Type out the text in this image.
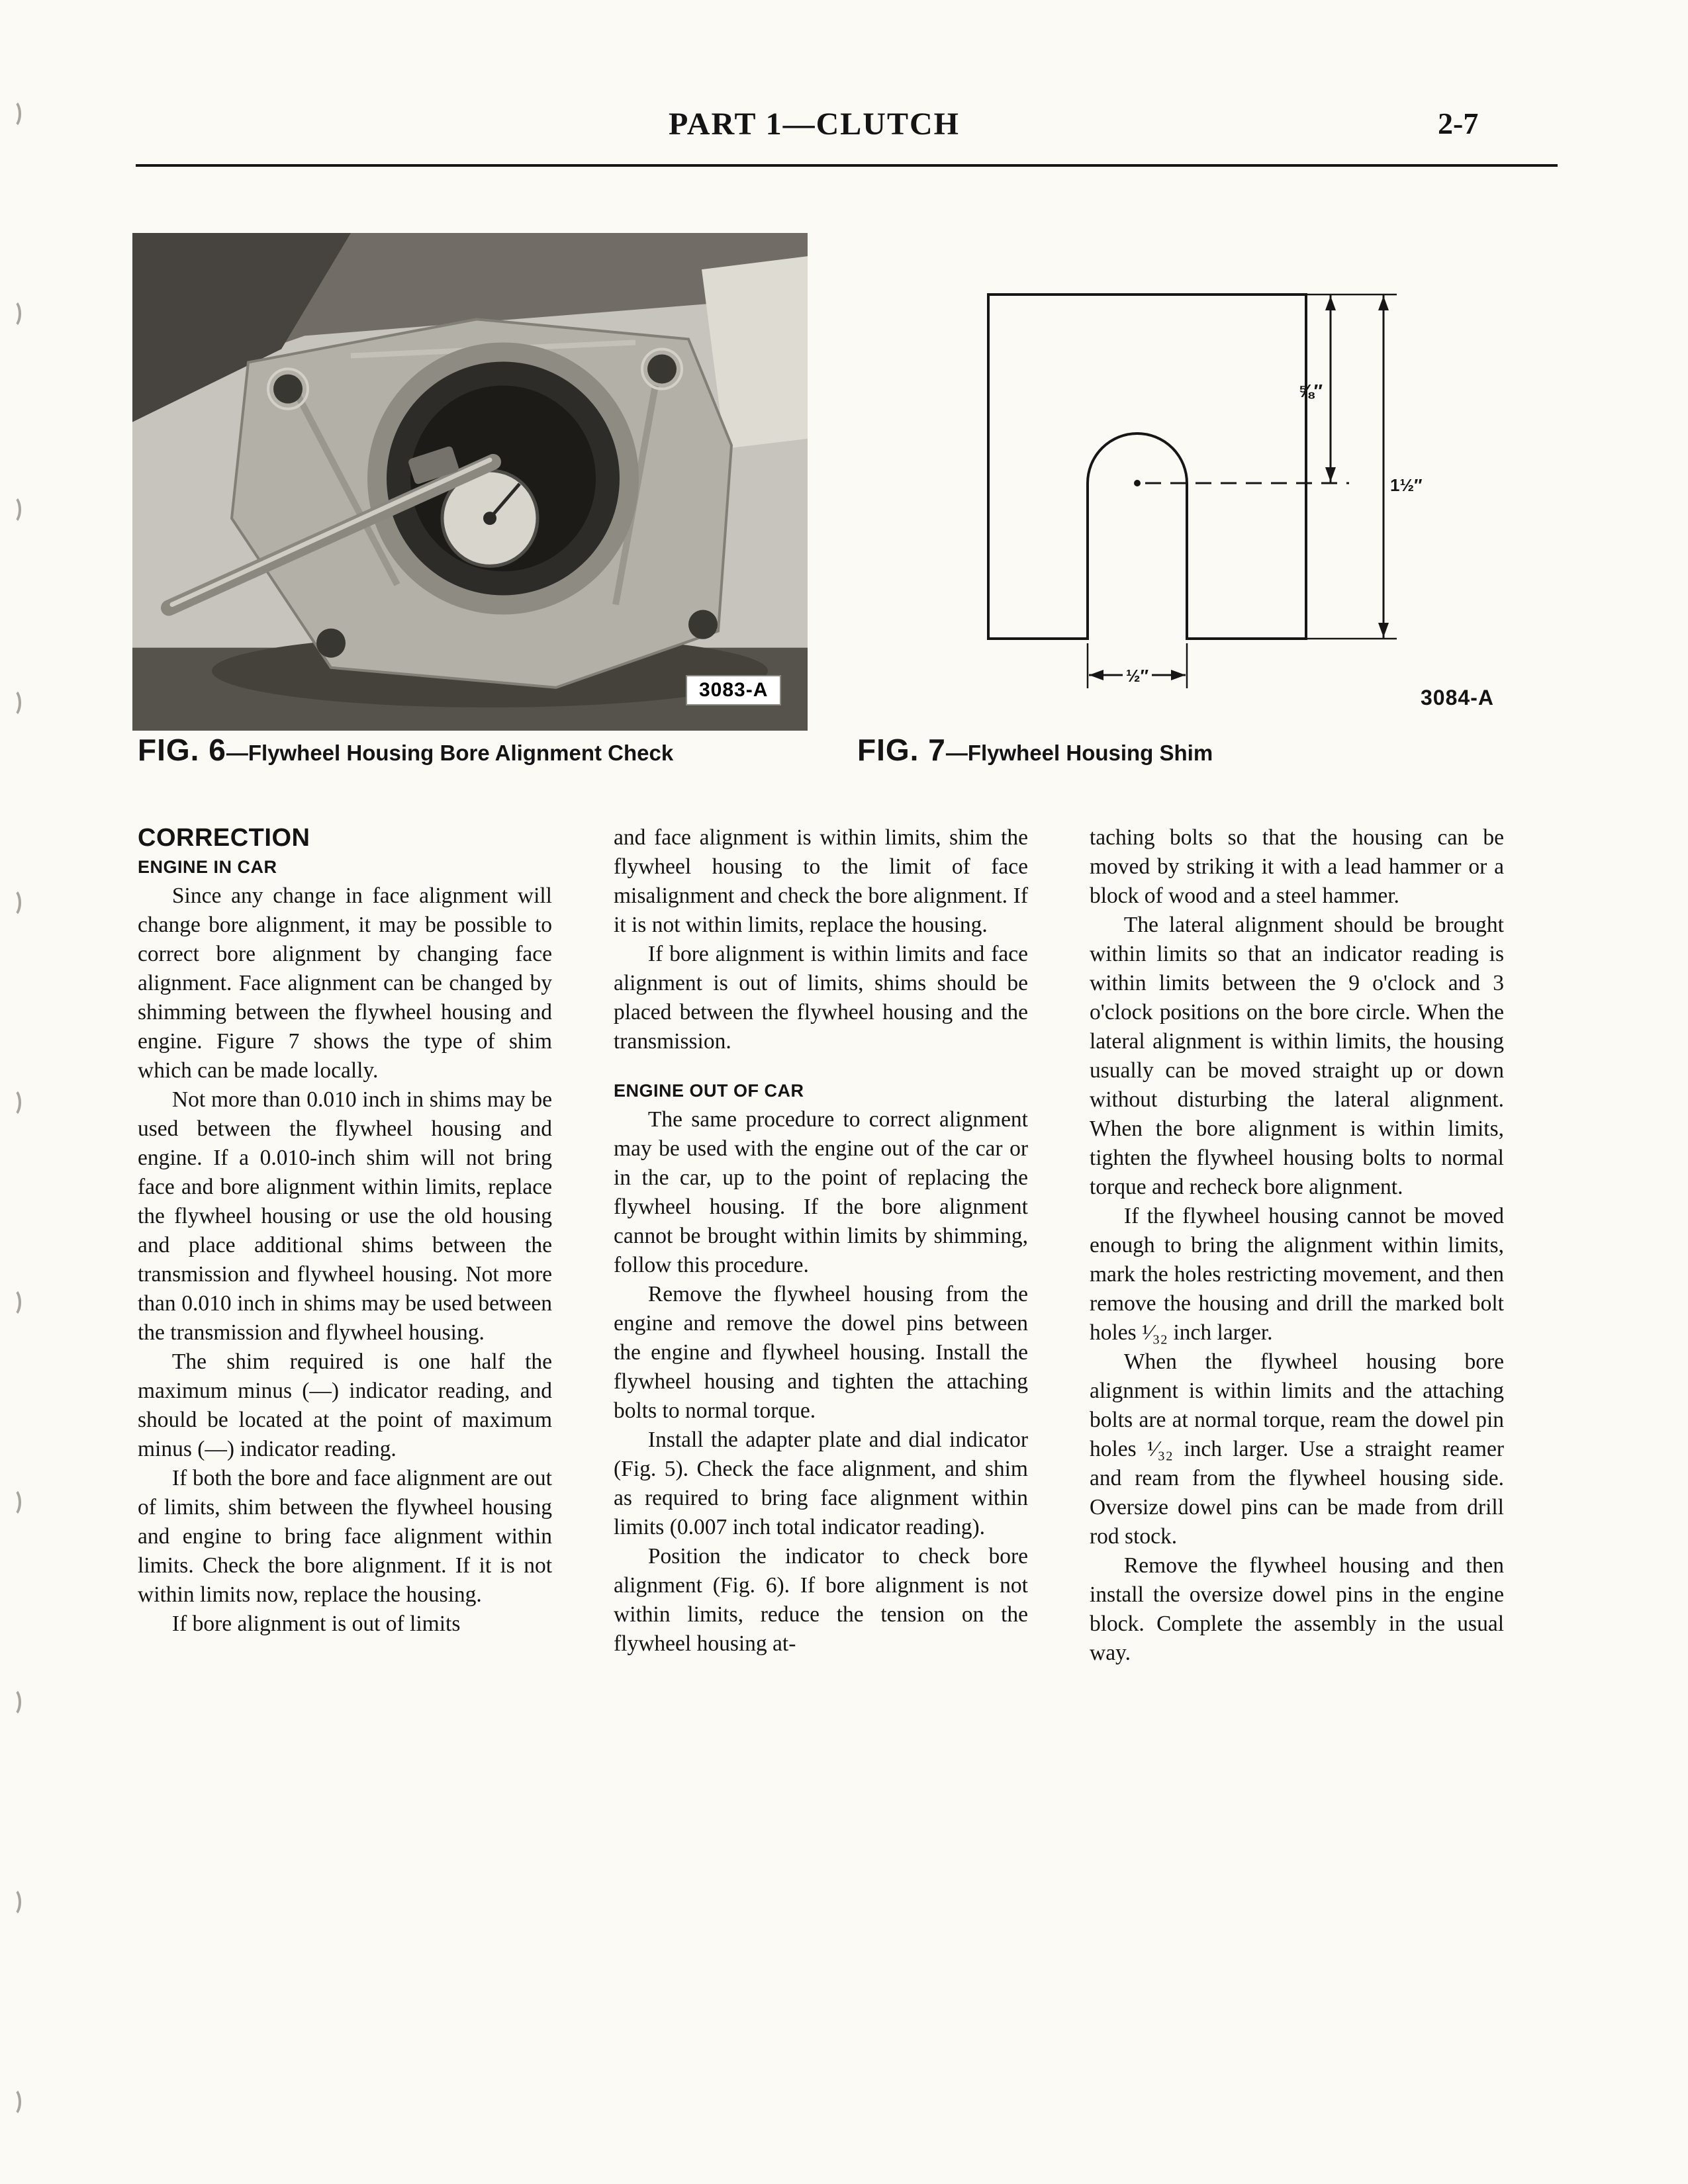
PART 1—CLUTCH	2-7
3083-A
⅝″
1½″
½″
3084-A
FIG. 6—Flywheel Housing Bore Alignment Check	FIG. 7—Flywheel Housing Shim

CORRECTION

ENGINE IN CAR

Since any change in face alignment will change bore alignment, it may be possible to correct bore alignment by changing face alignment. Face alignment can be changed by shimming between the flywheel housing and engine. Figure 7 shows the type of shim which can be made locally.

Not more than 0.010 inch in shims may be used between the flywheel housing and engine. If a 0.010-inch shim will not bring face and bore alignment within limits, replace the flywheel housing or use the old housing and place additional shims between the transmission and flywheel housing. Not more than 0.010 inch in shims may be used between the transmission and flywheel housing.

The shim required is one half the maximum minus (—) indicator reading, and should be located at the point of maximum minus (—) indicator reading.

If both the bore and face alignment are out of limits, shim between the flywheel housing and engine to bring face alignment within limits. Check the bore alignment. If it is not within limits now, replace the housing.

If bore alignment is out of limits

and face alignment is within limits, shim the flywheel housing to the limit of face misalignment and check the bore alignment. If it is not within limits, replace the housing.

If bore alignment is within limits and face alignment is out of limits, shims should be placed between the flywheel housing and the transmission.

ENGINE OUT OF CAR

The same procedure to correct alignment may be used with the engine out of the car or in the car, up to the point of replacing the flywheel housing. If the bore alignment cannot be brought within limits by shimming, follow this procedure.

Remove the flywheel housing from the engine and remove the dowel pins between the engine and flywheel housing. Install the flywheel housing and tighten the attaching bolts to normal torque.

Install the adapter plate and dial indicator (Fig. 5). Check the face alignment, and shim as required to bring face alignment within limits (0.007 inch total indicator reading).

Position the indicator to check bore alignment (Fig. 6). If bore alignment is not within limits, reduce the tension on the flywheel housing at-

taching bolts so that the housing can be moved by striking it with a lead hammer or a block of wood and a steel hammer.

The lateral alignment should be brought within limits so that an indicator reading is within limits between the 9 o'clock and 3 o'clock positions on the bore circle. When the lateral alignment is within limits, the housing usually can be moved straight up or down without disturbing the lateral alignment. When the bore alignment is within limits, tighten the flywheel housing bolts to normal torque and recheck bore alignment.

If the flywheel housing cannot be moved enough to bring the alignment within limits, mark the holes restricting movement, and then remove the housing and drill the marked bolt holes ¹⁄₃₂ inch larger.

When the flywheel housing bore alignment is within limits and the attaching bolts are at normal torque, ream the dowel pin holes ¹⁄₃₂ inch larger. Use a straight reamer and ream from the flywheel housing side. Oversize dowel pins can be made from drill rod stock.

Remove the flywheel housing and then install the oversize dowel pins in the engine block. Complete the assembly in the usual way.
